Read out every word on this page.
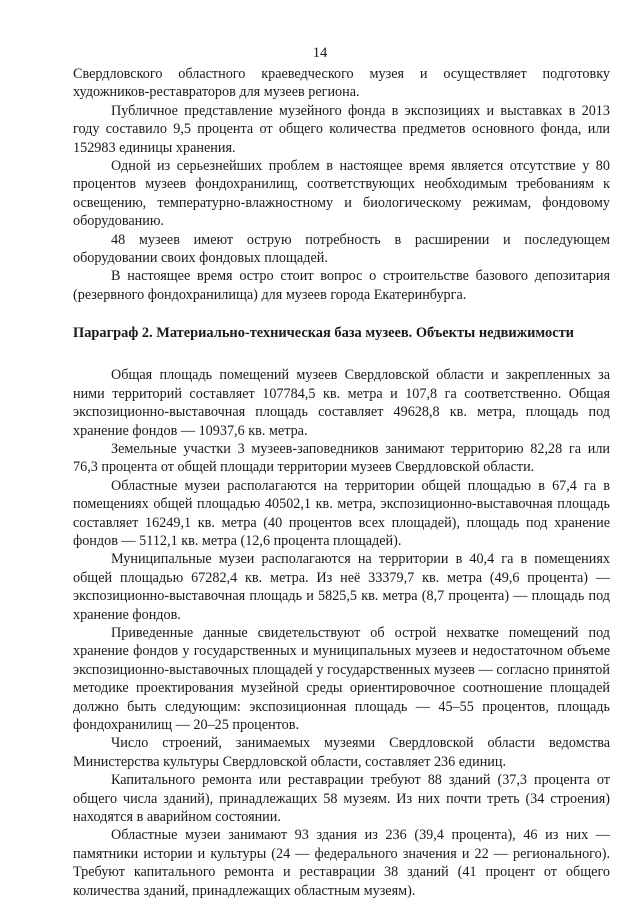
14

Свердловского областного краеведческого музея и осуществляет подготовку художников-реставраторов для музеев региона.

Публичное представление музейного фонда в экспозициях и выставках в 2013 году составило 9,5 процента от общего количества предметов основного фонда, или 152983 единицы хранения.

Одной из серьезнейших проблем в настоящее время является отсутствие у 80 процентов музеев фондохранилищ, соответствующих необходимым требованиям к освещению, температурно-влажностному и биологическому режимам, фондовому оборудованию.

48 музеев имеют острую потребность в расширении и последующем оборудовании своих фондовых площадей.

В настоящее время остро стоит вопрос о строительстве базового депозитария (резервного фондохранилища) для музеев города Екатеринбурга.

Параграф 2. Материально-техническая база музеев. Объекты недвижимости

Общая площадь помещений музеев Свердловской области и закрепленных за ними территорий составляет 107784,5 кв. метра и 107,8 га соответственно. Общая экспозиционно-выставочная площадь составляет 49628,8 кв. метра, площадь под хранение фондов — 10937,6 кв. метра.

Земельные участки 3 музеев-заповедников занимают территорию 82,28 га или 76,3 процента от общей площади территории музеев Свердловской области.

Областные музеи располагаются на территории общей площадью в 67,4 га в помещениях общей площадью 40502,1 кв. метра, экспозиционно-выставочная площадь составляет 16249,1 кв. метра (40 процентов всех площадей), площадь под хранение фондов — 5112,1 кв. метра (12,6 процента площадей).

Муниципальные музеи располагаются на территории в 40,4 га в помещениях общей площадью 67282,4 кв. метра. Из неё 33379,7 кв. метра (49,6 процента) — экспозиционно-выставочная площадь и 5825,5 кв. метра (8,7 процента) — площадь под хранение фондов.

Приведенные данные свидетельствуют об острой нехватке помещений под хранение фондов у государственных и муниципальных музеев и недостаточном объеме экспозиционно-выставочных площадей у государственных музеев — согласно принятой методике проектирования музейной среды ориентировочное соотношение площадей должно быть следующим: экспозиционная площадь — 45–55 процентов, площадь фондохранилищ — 20–25 процентов.

Число строений, занимаемых музеями Свердловской области ведомства Министерства культуры Свердловской области, составляет 236 единиц.

Капитального ремонта или реставрации требуют 88 зданий (37,3 процента от общего числа зданий), принадлежащих 58 музеям. Из них почти треть (34 строения) находятся в аварийном состоянии.

Областные музеи занимают 93 здания из 236 (39,4 процента), 46 из них — памятники истории и культуры (24 — федерального значения и 22 — регионального). Требуют капитального ремонта и реставрации 38 зданий (41 процент от общего количества зданий, принадлежащих областным музеям).
